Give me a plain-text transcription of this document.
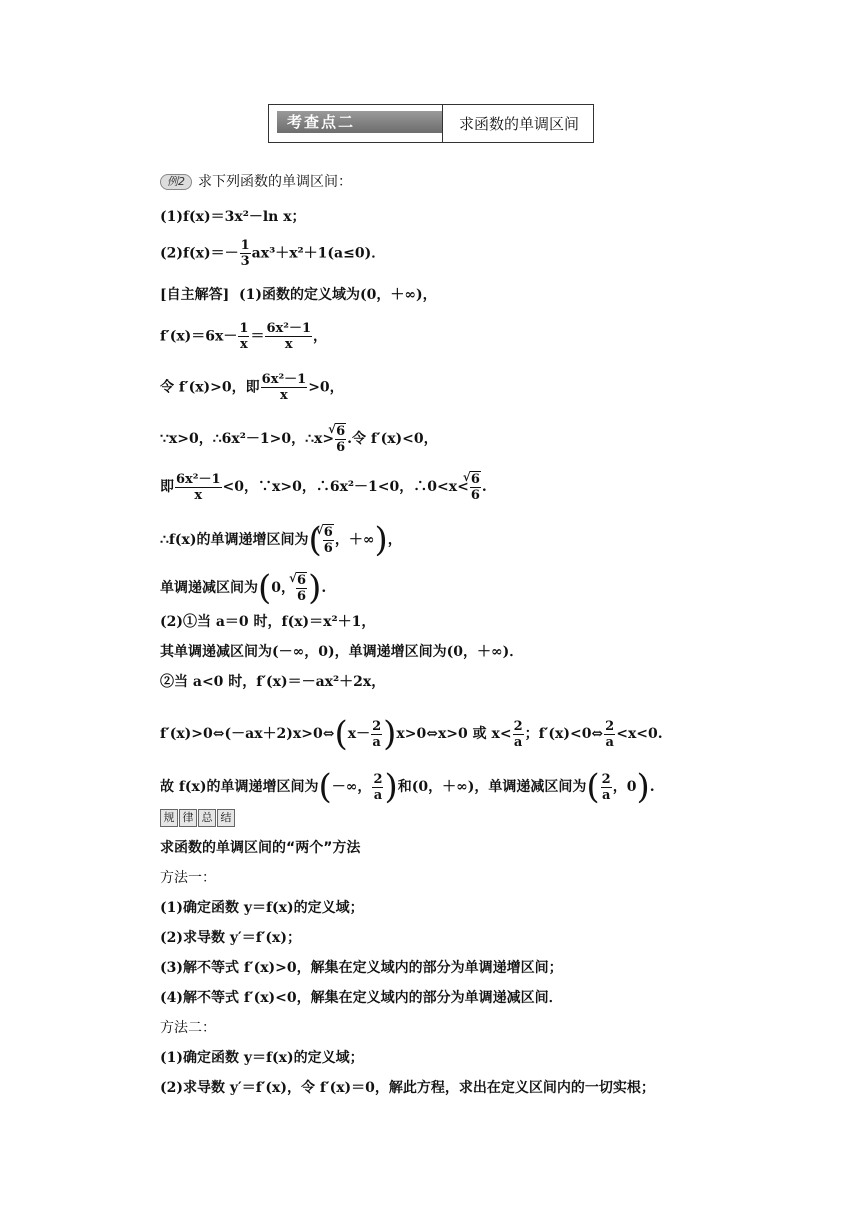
考查点二	求函数的单调区间
例2 求下列函数的单调区间：
(1)f(x)＝3x²－ln x；
$(2)f(x)=- \frac{1}{3} ax^3+x^2+1(a\le 0)$．
[自主解答] (1)函数的定义域为(0，＋∞)，
$f'(x)=6x- \frac{1}{x} = \frac{\text{6x²－1}}{x}$ ，
令 f′(x)>0，即 $\frac{\text{6x²－1}}{x} >0$，
∵x>0，∴6x²－1>0，∴x> √ $\frac{6}{6}$ .令 f′(x)<0，
即 $\frac{\text{6x²－1}}{x} <0$，∵x>0，∴6x²－1<0，∴0<x< √ $\frac{6}{6}$ .
∴f(x)的单调递增区间为( √ $\frac{6}{6}$ ，＋∞)，
单调递减区间为(0， √ $\frac{6}{6}$ ).
(2)①当 a＝0 时，f(x)＝x²＋1，
其单调递减区间为(－∞，0)，单调递增区间为(0，＋∞)．
②当 a<0 时，f′(x)＝－ax²＋2x，
f′(x)>0⇔(－ax＋2)x>0⇔(x－ $\frac{2}{a}$ )x>0⇔x>0 或 $x< \frac{2}{a}$ ；f′(x)<0⇔ $\frac{2}{a} <x<0$.
故 f(x)的单调递增区间为(－∞， $\frac{2}{a}$ )和(0，＋∞)，单调递减区间为( $\frac{2}{a}$ ，0).
规 律 总 结
求函数的单调区间的“两个”方法
方法一：
(1)确定函数 y＝f(x)的定义域；
(2)求导数 y′＝f′(x)；
(3)解不等式 f′(x)>0，解集在定义域内的部分为单调递增区间；
(4)解不等式 f′(x)<0，解集在定义域内的部分为单调递减区间．
方法二：
(1)确定函数 y＝f(x)的定义域；
(2)求导数 y′＝f′(x)，令 f′(x)＝0，解此方程，求出在定义区间内的一切实根；
